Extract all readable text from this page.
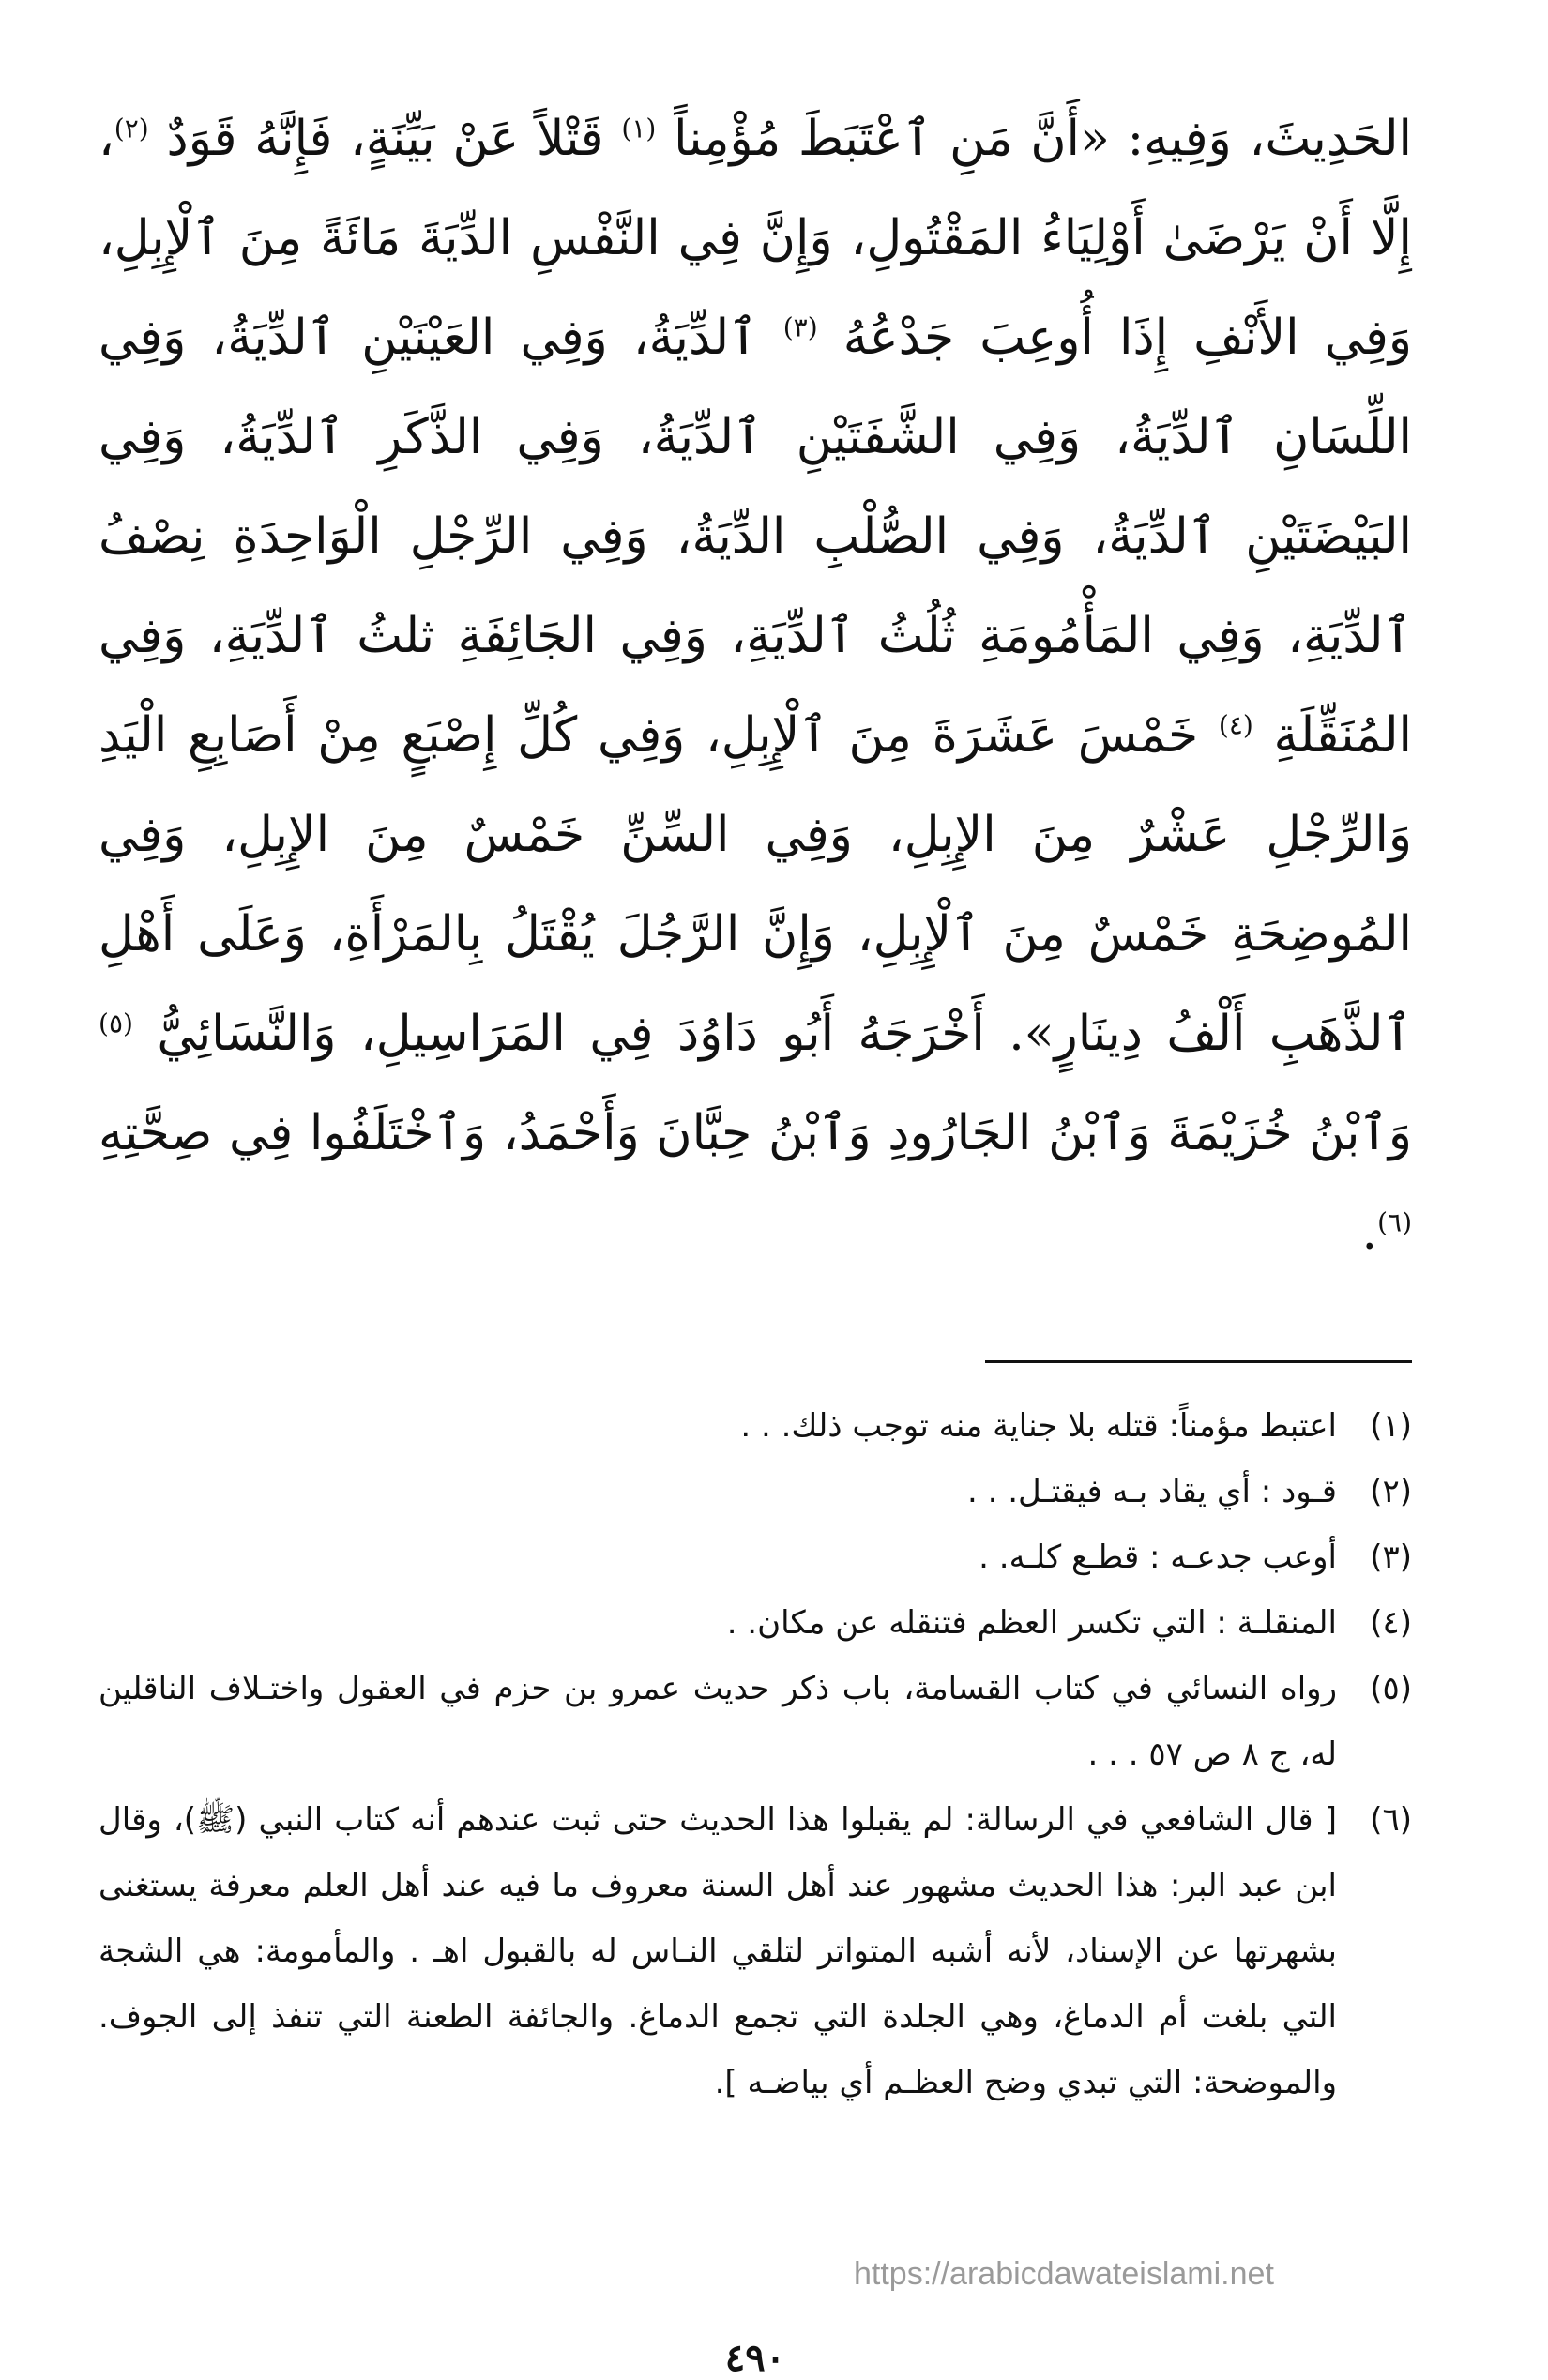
الحَدِيثَ، وَفِيهِ: «أَنَّ مَنِ ٱعْتَبَطَ مُؤْمِناً $^{(١)}$ قَتْلاً عَنْ بَيِّنَةٍ، فَإِنَّهُ قَوَدٌ $^{(٢)}$، إِلَّا أَنْ يَرْضَىٰ أَوْلِيَاءُ المَقْتُولِ، وَإِنَّ فِي النَّفْسِ الدِّيَةَ مَائَةً مِنَ ٱلْإِبِلِ، وَفِي الأَنْفِ إِذَا أُوعِبَ جَدْعُهُ $^{(٣)}$ ٱلدِّيَةُ، وَفِي العَيْنَيْنِ ٱلدِّيَةُ، وَفِي اللِّسَانِ ٱلدِّيَةُ، وَفِي الشَّفَتَيْنِ ٱلدِّيَةُ، وَفِي الذَّكَرِ ٱلدِّيَةُ، وَفِي البَيْضَتَيْنِ ٱلدِّيَةُ، وَفِي الصُّلْبِ الدِّيَةُ، وَفِي الرِّجْلِ الْوَاحِدَةِ نِصْفُ ٱلدِّيَةِ، وَفِي المَأْمُومَةِ ثُلُثُ ٱلدِّيَةِ، وَفِي الجَائِفَةِ ثلثُ ٱلدِّيَةِ، وَفِي المُنَقِّلَةِ $^{(٤)}$ خَمْسَ عَشَرَةَ مِنَ ٱلْإِبِلِ، وَفِي كُلِّ إِصْبَعٍ مِنْ أَصَابِعِ الْيَدِ وَالرِّجْلِ عَشْرٌ مِنَ الإِبِلِ، وَفِي السِّنِّ خَمْسٌ مِنَ الإِبِلِ، وَفِي المُوضِحَةِ خَمْسٌ مِنَ ٱلْإِبِلِ، وَإِنَّ الرَّجُلَ يُقْتَلُ بِالمَرْأَةِ، وَعَلَى أَهْلِ ٱلذَّهَبِ أَلْفُ دِينَارٍ». أَخْرَجَهُ أَبُو دَاوُدَ فِي المَرَاسِيلِ، وَالنَّسَائِيُّ $^{(٥)}$ وَٱبْنُ خُزَيْمَةَ وَٱبْنُ الجَارُودِ وَٱبْنُ حِبَّانَ وَأَحْمَدُ، وَٱخْتَلَفُوا فِي صِحَّتِهِ $^{(٦)}$.

(١)
اعتبط مؤمناً: قتله بلا جناية منه توجب ذلك. . .
(٢)
قـود : أي يقاد بـه فيقتـل. . .
(٣)
أوعب جدعـه : قطـع كلـه. .
(٤)
المنقلـة : التي تكسر العظم فتنقله عن مكان. .
(٥)
رواه النسائي في كتاب القسامة، باب ذكر حديث عمرو بن حزم في العقول واختـلاف الناقلين له، ج ٨ ص ٥٧ . . .
(٦)
[ قال الشافعي في الرسالة: لم يقبلوا هذا الحديث حتى ثبت عندهم أنه كتاب النبي (ﷺ)، وقال ابن عبد البر: هذا الحديث مشهور عند أهل السنة معروف ما فيه عند أهل العلم معرفة يستغنى بشهرتها عن الإسناد، لأنه أشبه المتواتر لتلقي النـاس له بالقبول اهـ . والمأمومة: هي الشجة التي بلغت أم الدماغ، وهي الجلدة التي تجمع الدماغ. والجائفة الطعنة التي تنفذ إلى الجوف. والموضحة: التي تبدي وضح العظـم أي بياضـه ].
٤٩٠
https://arabicdawateislami.net
